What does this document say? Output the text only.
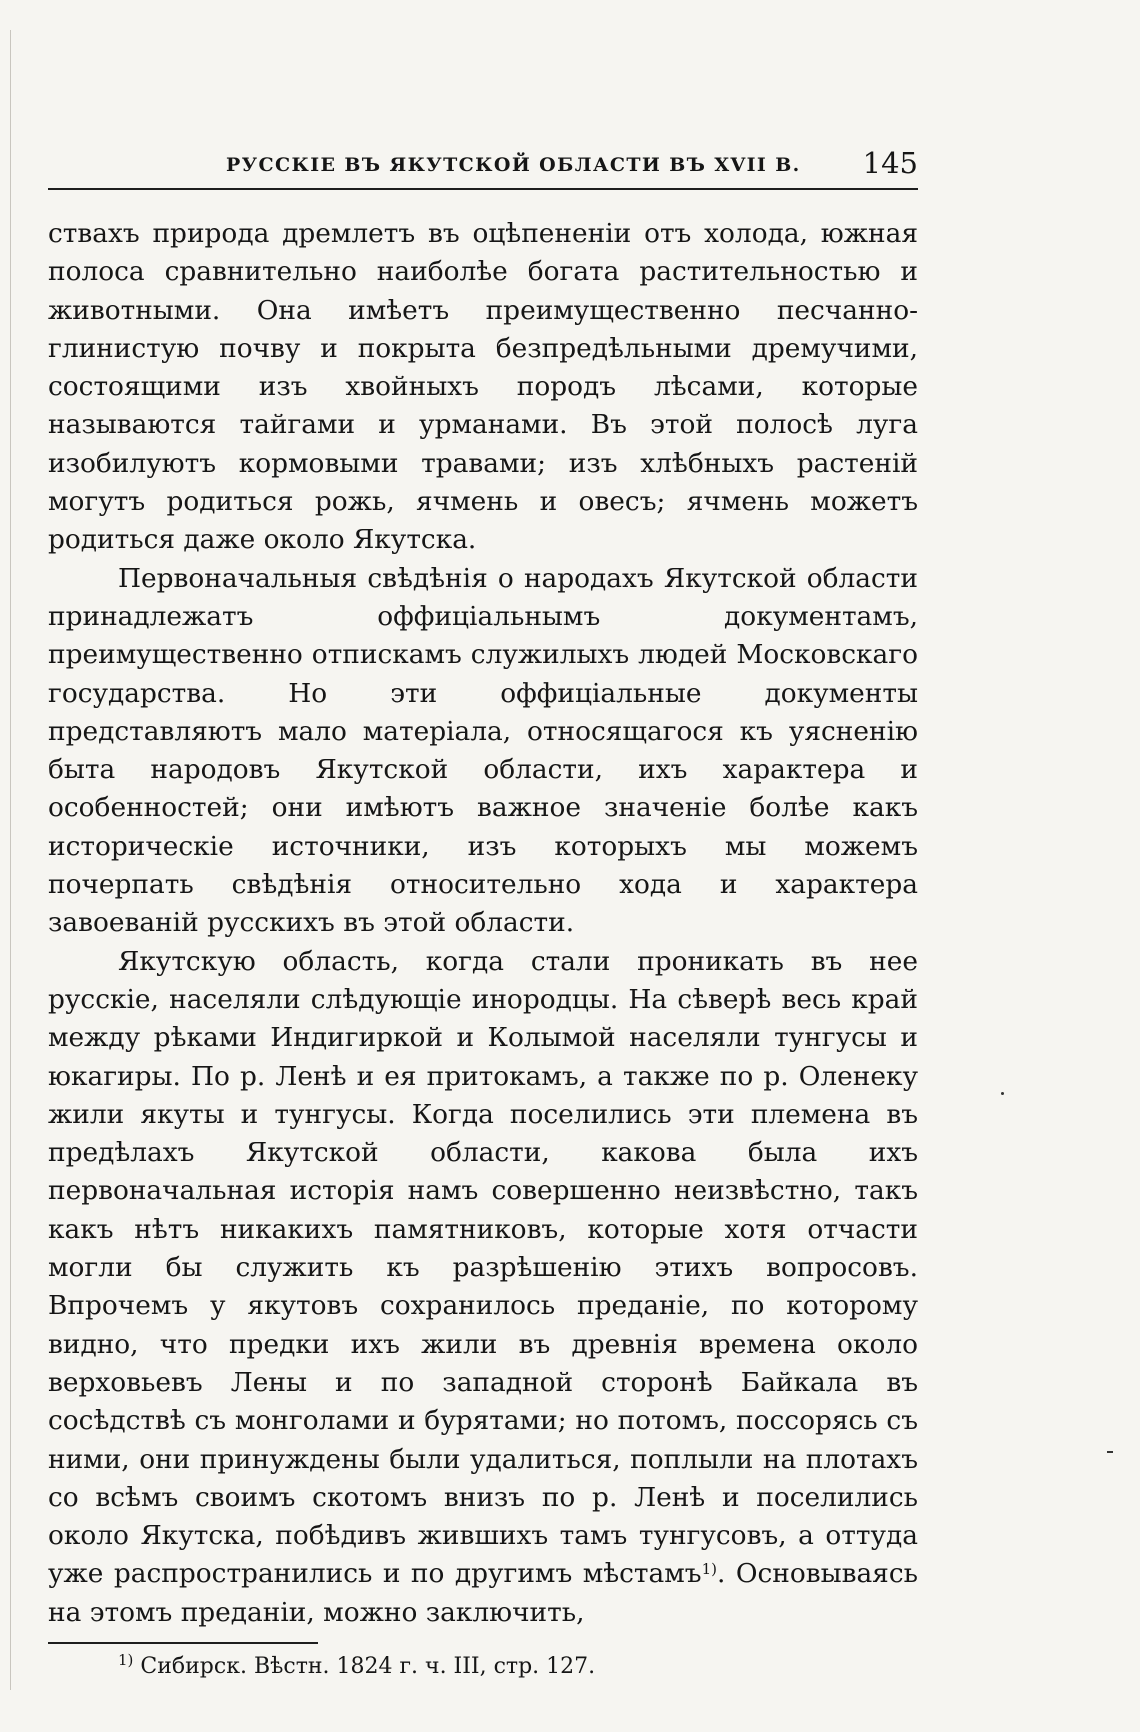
РУССКІЕ ВЪ ЯКУТСКОЙ ОБЛАСТИ ВЪ XVII В. 145

ствахъ природа дремлетъ въ оцѣпененіи отъ холода, южная полоса сравнительно наиболѣе богата растительностью и животными. Она имѣетъ преимущественно песчанно-глинистую почву и покрыта безпредѣльными дремучими, состоящими изъ хвойныхъ породъ лѣсами, которые называются тайгами и урманами. Въ этой полосѣ луга изобилуютъ кормовыми травами; изъ хлѣбныхъ растеній могутъ родиться рожь, ячмень и овесъ; ячмень можетъ родиться даже около Якутска.

Первоначальныя свѣдѣнія о народахъ Якутской области принадлежатъ оффиціальнымъ документамъ, преимущественно отпискамъ служилыхъ людей Московскаго государства. Но эти оффиціальные документы представляютъ мало матеріала, относящагося къ уясненію быта народовъ Якутской области, ихъ характера и особенностей; они имѣютъ важное значеніе болѣе какъ историческіе источники, изъ которыхъ мы можемъ почерпать свѣдѣнія относительно хода и характера завоеваній русскихъ въ этой области.

Якутскую область, когда стали проникать въ нее русскіе, населяли слѣдующіе инородцы. На сѣверѣ весь край между рѣками Индигиркой и Колымой населяли тунгусы и юкагиры. По р. Ленѣ и ея притокамъ, а также по р. Оленеку жили якуты и тунгусы. Когда поселились эти племена въ предѣлахъ Якутской области, какова была ихъ первоначальная исторія намъ совершенно неизвѣстно, такъ какъ нѣтъ никакихъ памятниковъ, которые хотя отчасти могли бы служить къ разрѣшенію этихъ вопросовъ. Впрочемъ у якутовъ сохранилось преданіе, по которому видно, что предки ихъ жили въ древнія времена около верховьевъ Лены и по западной сторонѣ Байкала въ сосѣдствѣ съ монголами и бурятами; но потомъ, поссорясь съ ними, они принуждены были удалиться, поплыли на плотахъ со всѣмъ своимъ скотомъ внизъ по р. Ленѣ и поселились около Якутска, побѣдивъ жившихъ тамъ тунгусовъ, а оттуда уже распространились и по другимъ мѣстамъ$^{1)}$. Основываясь на этомъ преданіи, можно заключить,

$^{1)}$ Сибирск. Вѣстн. 1824 г. ч. III, стр. 127.
